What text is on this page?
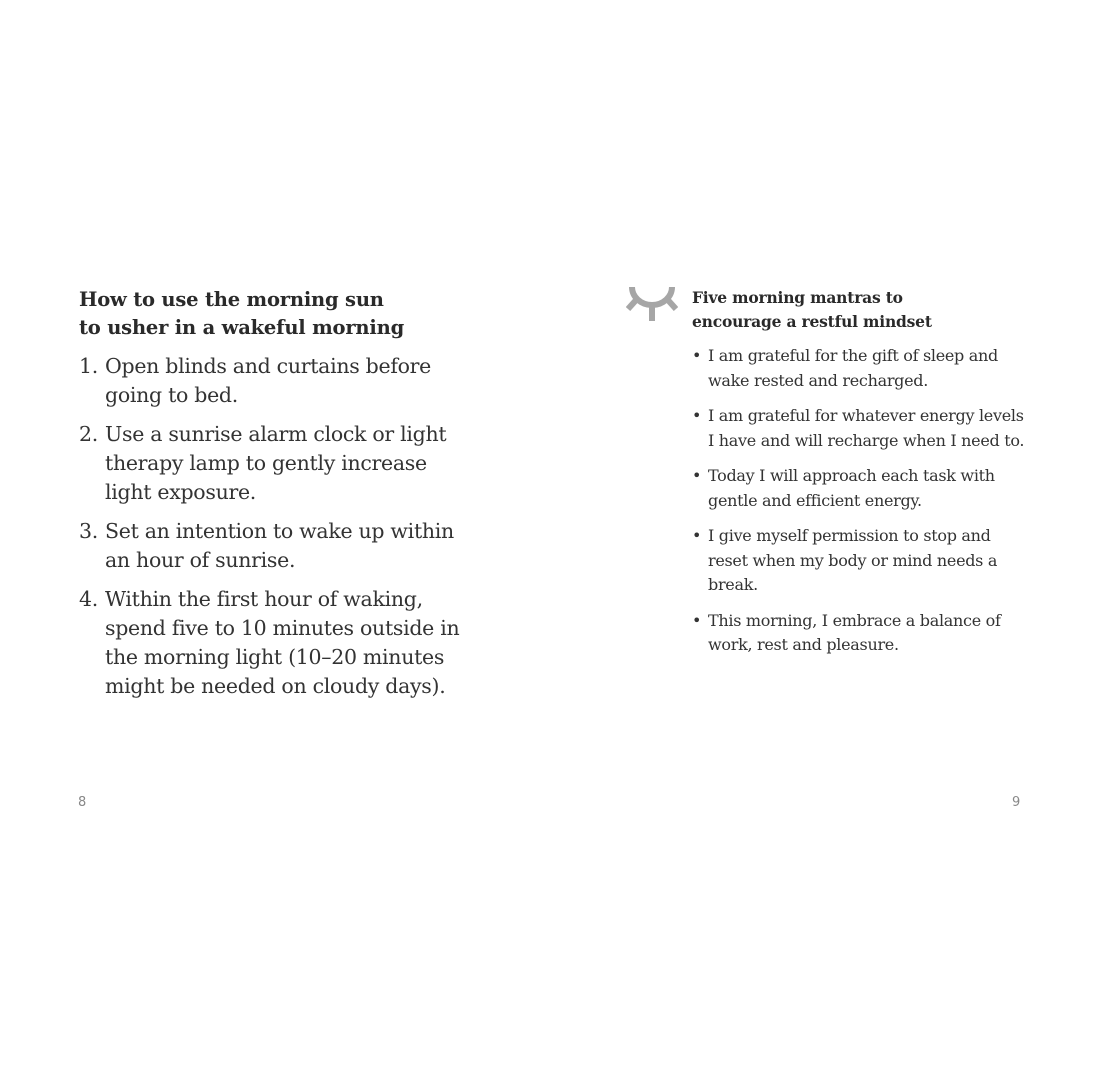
How to use the morning sun
to usher in a wakeful morning
1. Open blinds and curtains before going to bed.
2. Use a sunrise alarm clock or light therapy lamp to gently increase light exposure.
3. Set an intention to wake up within an hour of sunrise.
4. Within the first hour of waking, spend five to 10 minutes outside in the morning light (10–20 minutes might be needed on cloudy days).
8
Five morning mantras to
encourage a restful mindset
• I am grateful for the gift of sleep and wake rested and recharged.
• I am grateful for whatever energy levels I have and will recharge when I need to.
• Today I will approach each task with gentle and efficient energy.
• I give myself permission to stop and reset when my body or mind needs a break.
• This morning, I embrace a balance of work, rest and pleasure.
9
